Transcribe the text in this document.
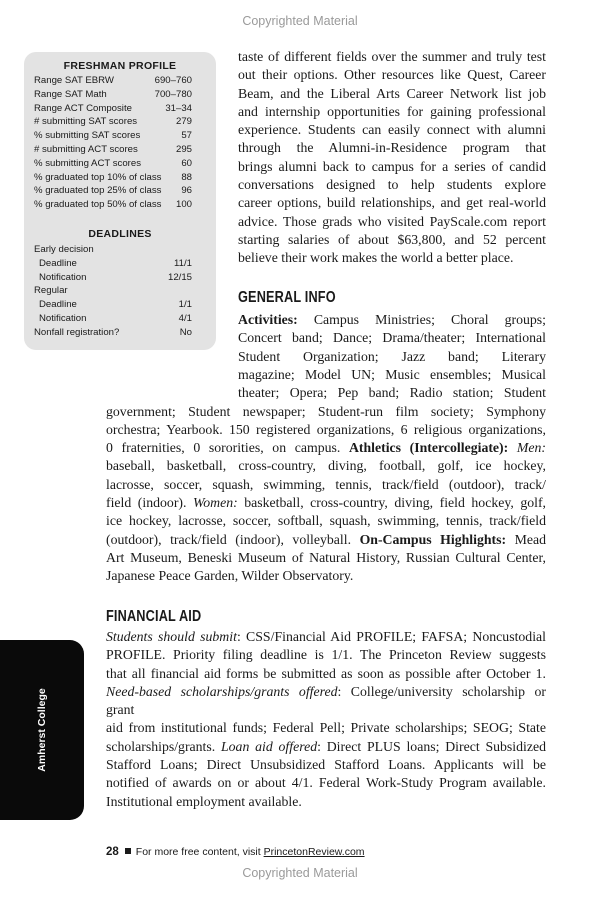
Copyrighted Material
FRESHMAN PROFILE
Range SAT EBRW	690–760
Range SAT Math	700–780
Range ACT Composite	31–34
# submitting SAT scores	279
% submitting SAT scores	57
# submitting ACT scores	295
% submitting ACT scores	60
% graduated top 10% of class 88
% graduated top 25% of class 96
% graduated top 50% of class 100
DEADLINES
Early decision
Deadline	11/1
Notification	12/15
Regular
Deadline	1/1
Notification	4/1
Nonfall registration?	No

taste of different fields over the summer and truly test

out their options. Other resources like Quest, Career

Beam, and the Liberal Arts Career Network list job

and internship opportunities for gaining professional

experience. Students can easily connect with alumni

through the Alumni-in-Residence program that

brings alumni back to campus for a series of candid

conversations designed to help students explore

career options, build relationships, and get real-world

advice. Those grads who visited PayScale.com report

starting salaries of about $63,800, and 52 percent

believe their work makes the world a better place.

GENERAL INFO

Activities: Campus Ministries; Choral groups;

Concert band; Dance; Drama/theater; International

Student Organization; Jazz band; Literary

magazine; Model UN; Music ensembles; Musical

theater; Opera; Pep band; Radio station; Student

government; Student newspaper; Student-run film society; Symphony

orchestra; Yearbook. 150 registered organizations, 6 religious organizations,

0 fraternities, 0 sororities, on campus. Athletics (Intercollegiate): Men:

baseball, basketball, cross-country, diving, football, golf, ice hockey,

lacrosse, soccer, squash, swimming, tennis, track/field (outdoor), track/

field (indoor). Women: basketball, cross-country, diving, field hockey, golf,

ice hockey, lacrosse, soccer, softball, squash, swimming, tennis, track/field

(outdoor), track/field (indoor), volleyball. On-Campus Highlights: Mead

Art Museum, Beneski Museum of Natural History, Russian Cultural Center,

Japanese Peace Garden, Wilder Observatory.

FINANCIAL AID

Students should submit: CSS/Financial Aid PROFILE; FAFSA; Noncustodial

PROFILE. Priority filing deadline is 1/1. The Princeton Review suggests

that all financial aid forms be submitted as soon as possible after October 1.

Need-based scholarships/grants offered: College/university scholarship or grant

aid from institutional funds; Federal Pell; Private scholarships; SEOG; State

scholarships/grants. Loan aid offered: Direct PLUS loans; Direct Subsidized

Stafford Loans; Direct Unsubsidized Stafford Loans. Applicants will be

notified of awards on or about 4/1. Federal Work-Study Program available.

Institutional employment available.

Amherst College
28 For more free content, visit PrincetonReview.com
Copyrighted Material
